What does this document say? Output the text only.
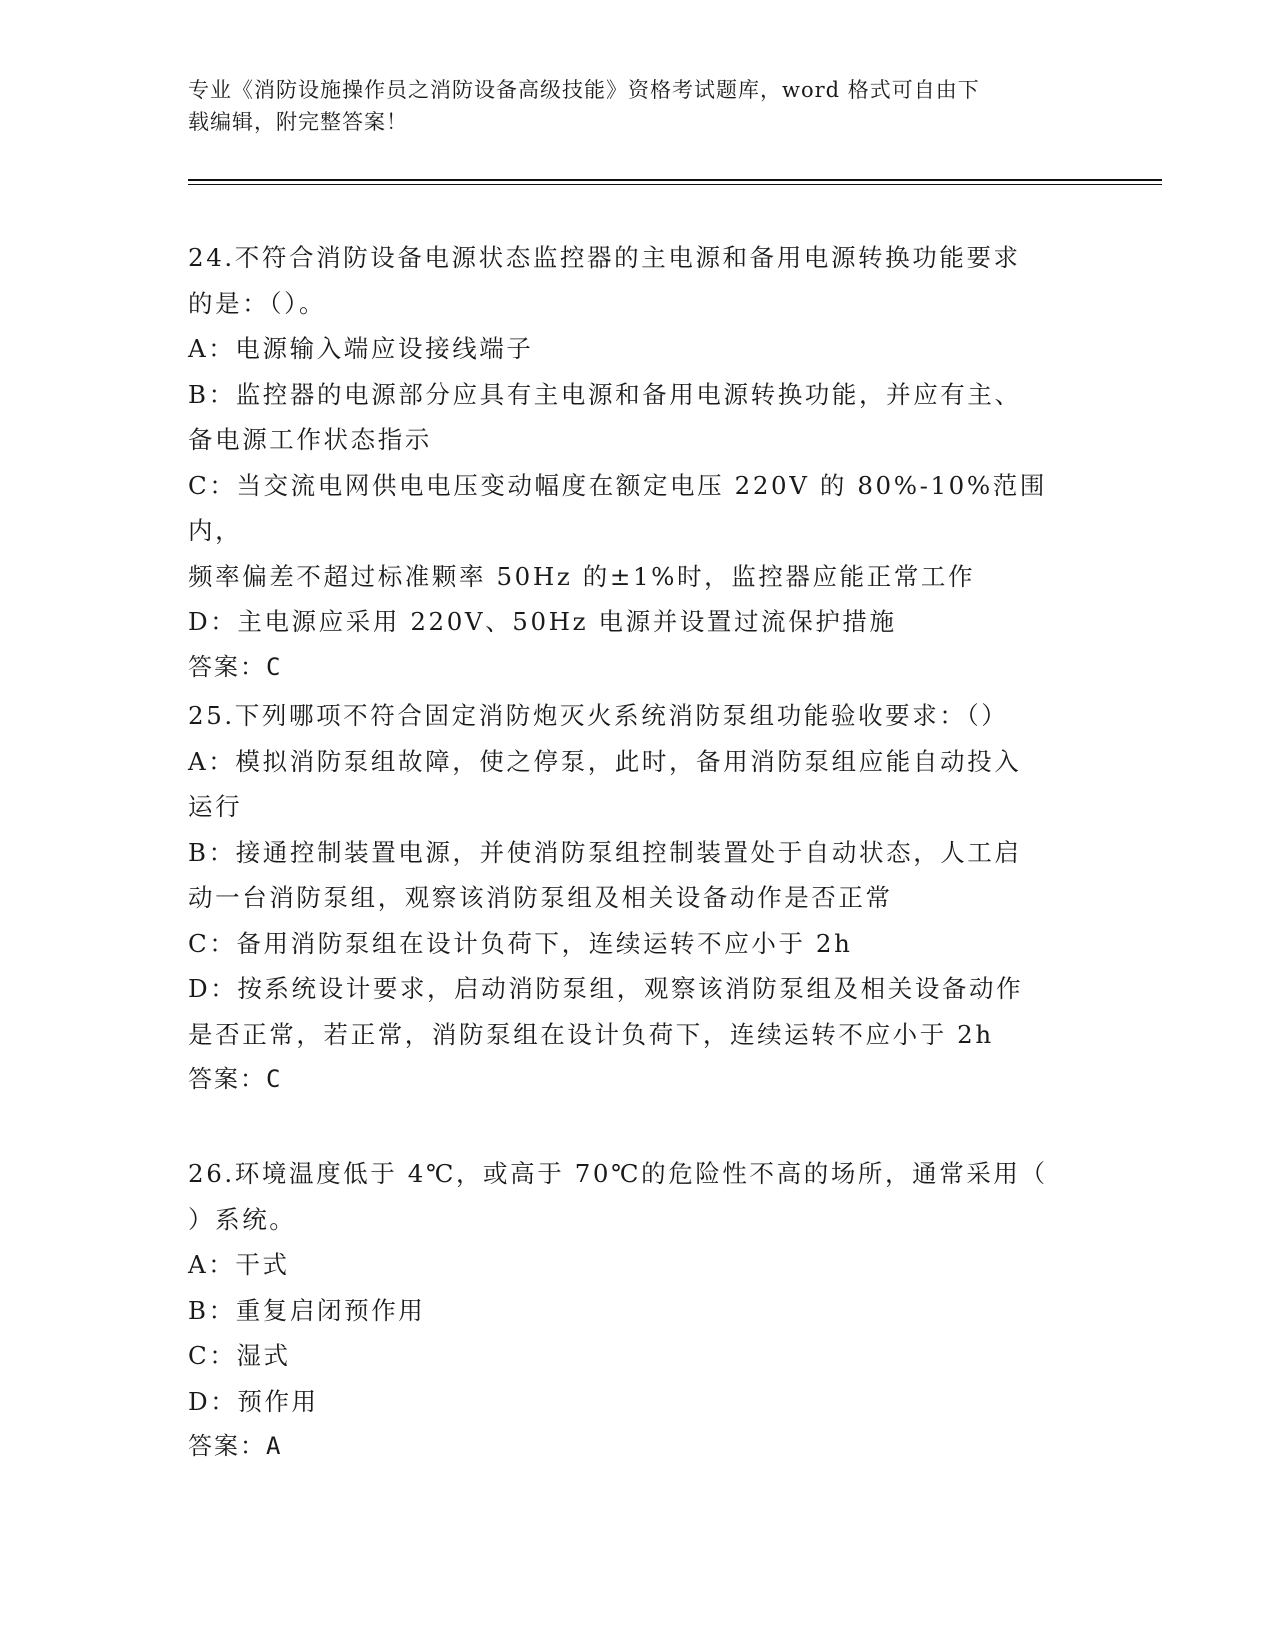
专业《消防设施操作员之消防设备高级技能》资格考试题库，word 格式可自由下
载编辑，附完整答案！
24.不符合消防设备电源状态监控器的主电源和备用电源转换功能要求
的是：（）。
A：电源输入端应设接线端子
B：监控器的电源部分应具有主电源和备用电源转换功能，并应有主、
备电源工作状态指示
C：当交流电网供电电压变动幅度在额定电压 220V 的 80%-10%范围内，
频率偏差不超过标准颗率 50Hz 的±1%时，监控器应能正常工作
D：主电源应采用 220V、50Hz 电源并设置过流保护措施
答案：C
25.下列哪项不符合固定消防炮灭火系统消防泵组功能验收要求：（）
A：模拟消防泵组故障，使之停泵，此时，备用消防泵组应能自动投入
运行
B：接通控制装置电源，并使消防泵组控制装置处于自动状态，人工启
动一台消防泵组，观察该消防泵组及相关设备动作是否正常
C：备用消防泵组在设计负荷下，连续运转不应小于 2h
D：按系统设计要求，启动消防泵组，观察该消防泵组及相关设备动作
是否正常，若正常，消防泵组在设计负荷下，连续运转不应小于 2h
答案：C
26.环境温度低于 4℃，或高于 70℃的危险性不高的场所，通常采用（
）系统。
A：干式
B：重复启闭预作用
C：湿式
D：预作用
答案：A
